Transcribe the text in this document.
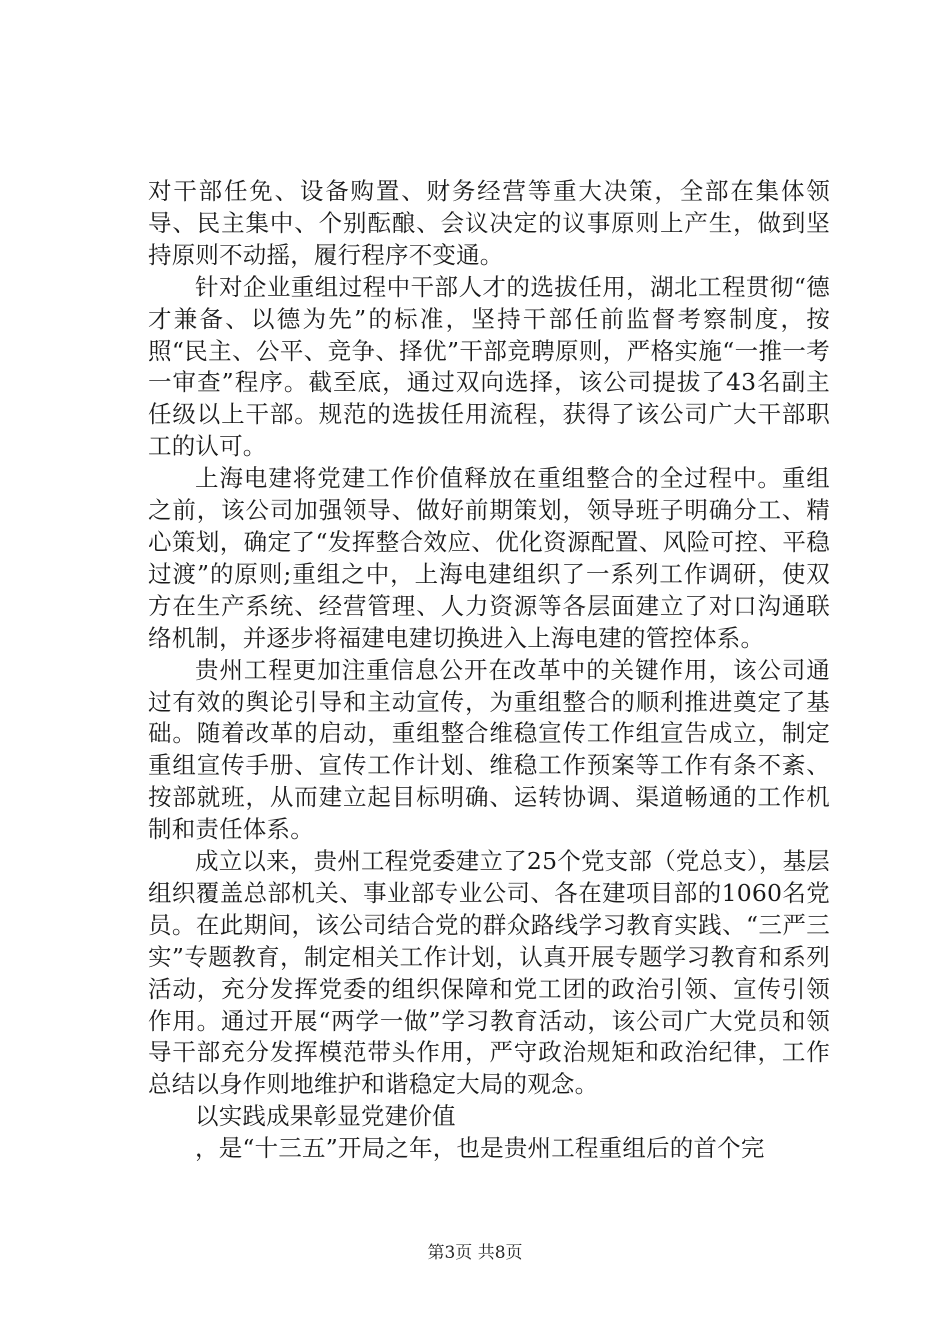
对干部任免、设备购置、财务经营等重大决策，全部在集体领导、民主集中、个别酝酿、会议决定的议事原则上产生，做到坚持原则不动摇，履行程序不变通。

针对企业重组过程中干部人才的选拔任用，湖北工程贯彻“德才兼备、以德为先”的标准，坚持干部任前监督考察制度，按照“民主、公平、竞争、择优”干部竞聘原则，严格实施“一推一考一审查”程序。截至底，通过双向选择，该公司提拔了43名副主任级以上干部。规范的选拔任用流程，获得了该公司广大干部职工的认可。

上海电建将党建工作价值释放在重组整合的全过程中。重组之前，该公司加强领导、做好前期策划，领导班子明确分工、精心策划，确定了“发挥整合效应、优化资源配置、风险可控、平稳过渡”的原则;重组之中，上海电建组织了一系列工作调研，使双方在生产系统、经营管理、人力资源等各层面建立了对口沟通联络机制，并逐步将福建电建切换进入上海电建的管控体系。

贵州工程更加注重信息公开在改革中的关键作用，该公司通过有效的舆论引导和主动宣传，为重组整合的顺利推进奠定了基础。随着改革的启动，重组整合维稳宣传工作组宣告成立，制定重组宣传手册、宣传工作计划、维稳工作预案等工作有条不紊、按部就班，从而建立起目标明确、运转协调、渠道畅通的工作机制和责任体系。

成立以来，贵州工程党委建立了25个党支部（党总支），基层组织覆盖总部机关、事业部专业公司、各在建项目部的1060名党员。在此期间，该公司结合党的群众路线学习教育实践、“三严三实”专题教育，制定相关工作计划，认真开展专题学习教育和系列活动，充分发挥党委的组织保障和党工团的政治引领、宣传引领作用。通过开展“两学一做”学习教育活动，该公司广大党员和领导干部充分发挥模范带头作用，严守政治规矩和政治纪律，工作总结以身作则地维护和谐稳定大局的观念。

以实践成果彰显党建价值

，是“十三五”开局之年，也是贵州工程重组后的首个完

第3页 共8页
